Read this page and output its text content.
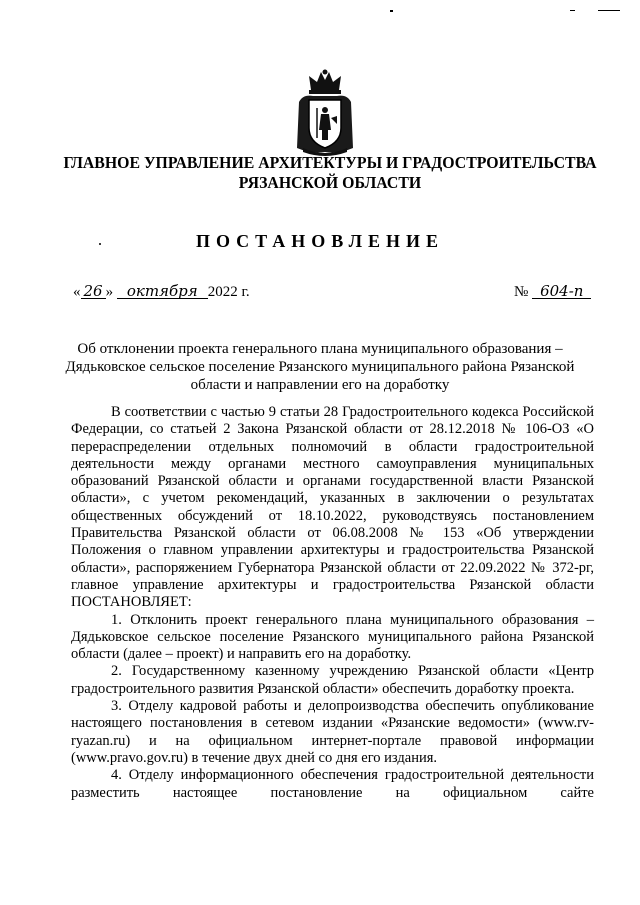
ГЛАВНОЕ УПРАВЛЕНИЕ АРХИТЕКТУРЫ И ГРАДОСТРОИТЕЛЬСТВА
РЯЗАНСКОЙ ОБЛАСТИ
ПОСТАНОВЛЕНИЕ
« 26 » октября 2022 г.	№ 604-п
Об отклонении проекта генерального плана муниципального образования –
Дядьковское сельское поселение Рязанского муниципального района Рязанской
области и направлении его на доработку

В соответствии с частью 9 статьи 28 Градостроительного кодекса Российской Федерации, со статьей 2 Закона Рязанской области от 28.12.2018 № 106-ОЗ «О перераспределении отдельных полномочий в области градостроительной деятельности между органами местного самоуправления муниципальных образований Рязанской области и органами государственной власти Рязанской области», с учетом рекомендаций, указанных в заключении о результатах общественных обсуждений от 18.10.2022, руководствуясь постановлением Правительства Рязанской области от 06.08.2008 № 153 «Об утверждении Положения о главном управлении архитектуры и градостроительства Рязанской области», распоряжением Губернатора Рязанской области от 22.09.2022 № 372-рг, главное управление архитектуры и градостроительства Рязанской области ПОСТАНОВЛЯЕТ:

1. Отклонить проект генерального плана муниципального образования – Дядьковское сельское поселение Рязанского муниципального района Рязанской области (далее – проект) и направить его на доработку.

2. Государственному казенному учреждению Рязанской области «Центр градостроительного развития Рязанской области» обеспечить доработку проекта.

3. Отделу кадровой работы и делопроизводства обеспечить опубликование настоящего постановления в сетевом издании «Рязанские ведомости» (www.rv-ryazan.ru) и на официальном интернет-портале правовой информации (www.pravo.gov.ru) в течение двух дней со дня его издания.

4. Отделу информационного обеспечения градостроительной деятельности разместить настоящее постановление на официальном сайте
